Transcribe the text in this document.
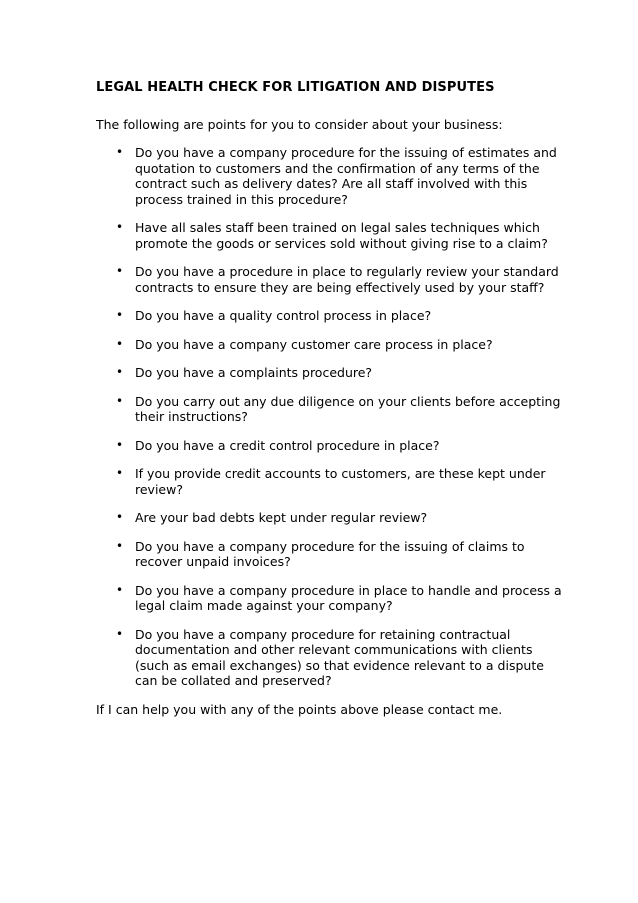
LEGAL HEALTH CHECK FOR LITIGATION AND DISPUTES

The following are points for you to consider about your business:

• Do you have a company procedure for the issuing of estimates and quotation to customers and the confirmation of any terms of the contract such as delivery dates? Are all staff involved with this process trained in this procedure?
• Have all sales staff been trained on legal sales techniques which promote the goods or services sold without giving rise to a claim?
• Do you have a procedure in place to regularly review your standard contracts to ensure they are being effectively used by your staff?
• Do you have a quality control process in place?
• Do you have a company customer care process in place?
• Do you have a complaints procedure?
• Do you carry out any due diligence on your clients before accepting their instructions?
• Do you have a credit control procedure in place?
• If you provide credit accounts to customers, are these kept under review?
• Are your bad debts kept under regular review?
• Do you have a company procedure for the issuing of claims to recover unpaid invoices?
• Do you have a company procedure in place to handle and process a legal claim made against your company?
• Do you have a company procedure for retaining contractual documentation and other relevant communications with clients (such as email exchanges) so that evidence relevant to a dispute can be collated and preserved?

If I can help you with any of the points above please contact me.
